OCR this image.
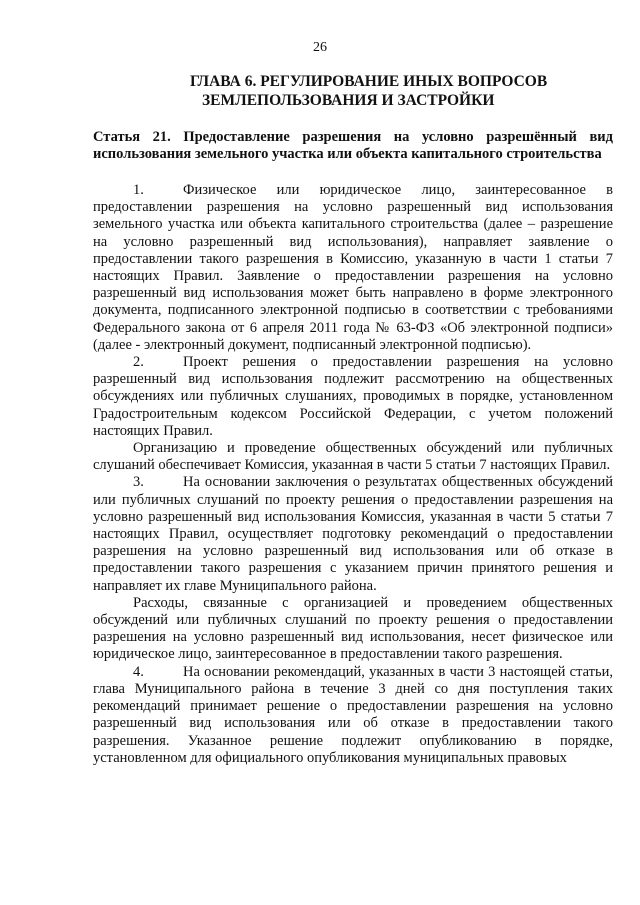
26
ГЛАВА 6. РЕГУЛИРОВАНИЕ ИНЫХ ВОПРОСОВ
ЗЕМЛЕПОЛЬЗОВАНИЯ И ЗАСТРОЙКИ
Статья 21. Предоставление разрешения на условно разрешённый вид использования земельного участка или объекта капитального строительства

1.	Физическое или юридическое лицо, заинтересованное в предоставлении разрешения на условно разрешенный вид использования земельного участка или объекта капитального строительства (далее – разрешение на условно разрешенный вид использования), направляет заявление о предоставлении такого разрешения в Комиссию, указанную в части 1 статьи 7 настоящих Правил. Заявление о предоставлении разрешения на условно разрешенный вид использования может быть направлено в форме электронного документа, подписанного электронной подписью в соответствии с требованиями Федерального закона от 6 апреля 2011 года № 63-ФЗ «Об электронной подписи» (далее - электронный документ, подписанный электронной подписью).

2.	Проект решения о предоставлении разрешения на условно разрешенный вид использования подлежит рассмотрению на общественных обсуждениях или публичных слушаниях, проводимых в порядке, установленном Градостроительным кодексом Российской Федерации, с учетом положений настоящих Правил.

Организацию и проведение общественных обсуждений или публичных слушаний обеспечивает Комиссия, указанная в части 5 статьи 7 настоящих Правил.

3.	На основании заключения о результатах общественных обсуждений или публичных слушаний по проекту решения о предоставлении разрешения на условно разрешенный вид использования Комиссия, указанная в части 5 статьи 7 настоящих Правил, осуществляет подготовку рекомендаций о предоставлении разрешения на условно разрешенный вид использования или об отказе в предоставлении такого разрешения с указанием причин принятого решения и направляет их главе Муниципального района.

Расходы, связанные с организацией и проведением общественных обсуждений или публичных слушаний по проекту решения о предоставлении разрешения на условно разрешенный вид использования, несет физическое или юридическое лицо, заинтересованное в предоставлении такого разрешения.

4.	На основании рекомендаций, указанных в части 3 настоящей статьи, глава Муниципального района в течение 3 дней со дня поступления таких рекомендаций принимает решение о предоставлении разрешения на условно разрешенный вид использования или об отказе в предоставлении такого разрешения. Указанное решение подлежит опубликованию в порядке, установленном для официального опубликования муниципальных правовых
